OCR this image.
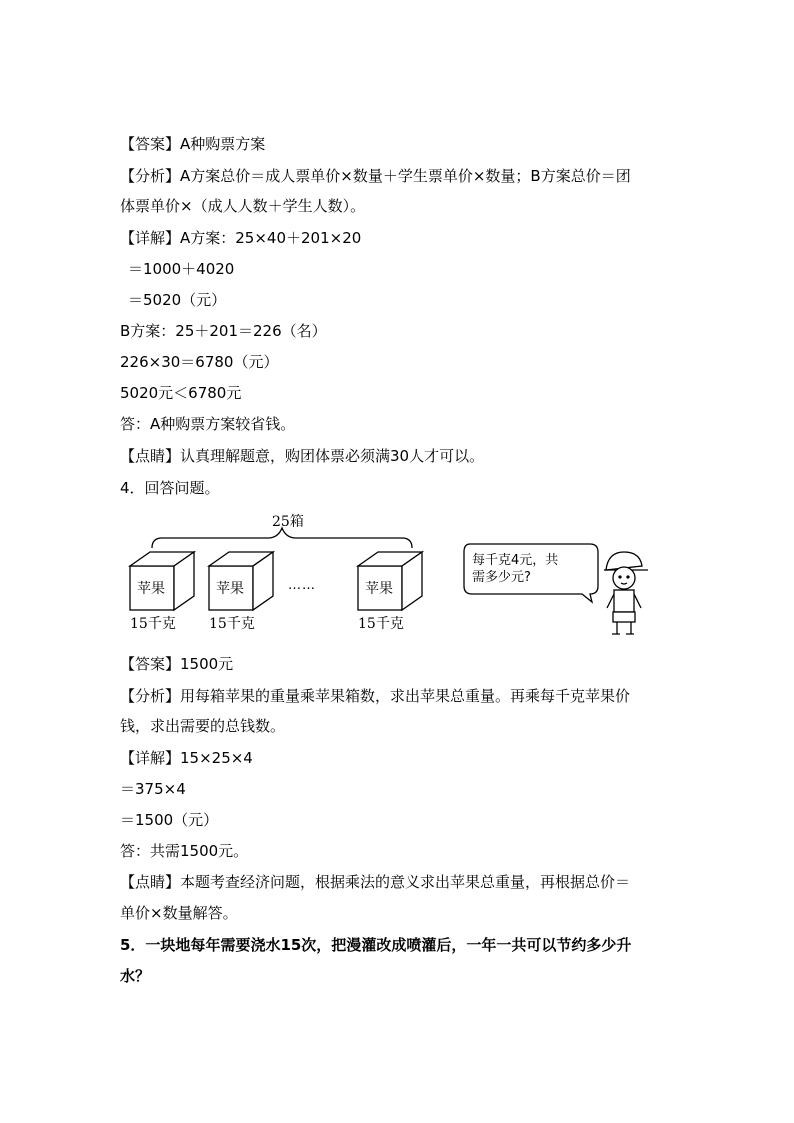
【答案】A种购票方案
【分析】A方案总价＝成人票单价×数量＋学生票单价×数量；B方案总价＝团
体票单价×（成人人数＋学生人数）。
【详解】A方案：25×40＋201×20
＝1000＋4020
＝5020（元）
B方案：25＋201＝226（名）
226×30＝6780（元）
5020元＜6780元
答：A种购票方案较省钱。
【点睛】认真理解题意，购团体票必须满30人才可以。
4．回答问题。
25箱
苹果	苹果	苹果
15千克 15千克	15千克
……
每千克4元，共
需多少元?
【答案】1500元
【分析】用每箱苹果的重量乘苹果箱数，求出苹果总重量。再乘每千克苹果价
钱，求出需要的总钱数。
【详解】15×25×4
＝375×4
＝1500（元）
答：共需1500元。
【点睛】本题考查经济问题，根据乘法的意义求出苹果总重量，再根据总价＝
单价×数量解答。
5．一块地每年需要浇水15次，把漫灌改成喷灌后，一年一共可以节约多少升
水？
